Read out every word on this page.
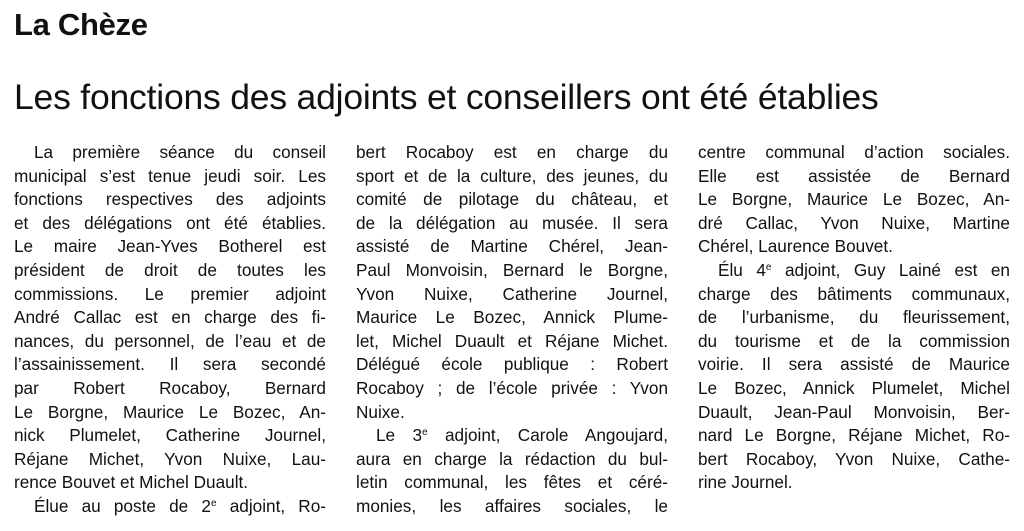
La Chèze
Les fonctions des adjoints et conseillers ont été établies

La première séance du conseil
municipal s’est tenue jeudi soir. Les
fonctions respectives des adjoints
et des délégations ont été établies.
Le maire Jean-Yves Botherel est
président de droit de toutes les
commissions. Le premier adjoint
André Callac est en charge des fi-
nances, du personnel, de l’eau et de
l’assainissement. Il sera secondé
par Robert Rocaboy, Bernard
Le Borgne, Maurice Le Bozec, An-
nick Plumelet, Catherine Journel,
Réjane Michet, Yvon Nuixe, Lau-
rence Bouvet et Michel Duault.

Élue au poste de 2e adjoint, Ro-

bert Rocaboy est en charge du
sport et de la culture, des jeunes, du
comité de pilotage du château, et
de la délégation au musée. Il sera
assisté de Martine Chérel, Jean-
Paul Monvoisin, Bernard le Borgne,
Yvon Nuixe, Catherine Journel,
Maurice Le Bozec, Annick Plume-
let, Michel Duault et Réjane Michet.
Délégué école publique : Robert
Rocaboy ; de l’école privée : Yvon
Nuixe.

Le 3e adjoint, Carole Angoujard,
aura en charge la rédaction du bul-
letin communal, les fêtes et céré-
monies, les affaires sociales, le

centre communal d’action sociales.
Elle est assistée de Bernard
Le Borgne, Maurice Le Bozec, An-
dré Callac, Yvon Nuixe, Martine
Chérel, Laurence Bouvet.

Élu 4e adjoint, Guy Lainé est en
charge des bâtiments communaux,
de l’urbanisme, du fleurissement,
du tourisme et de la commission
voirie. Il sera assisté de Maurice
Le Bozec, Annick Plumelet, Michel
Duault, Jean-Paul Monvoisin, Ber-
nard Le Borgne, Réjane Michet, Ro-
bert Rocaboy, Yvon Nuixe, Cathe-
rine Journel.
